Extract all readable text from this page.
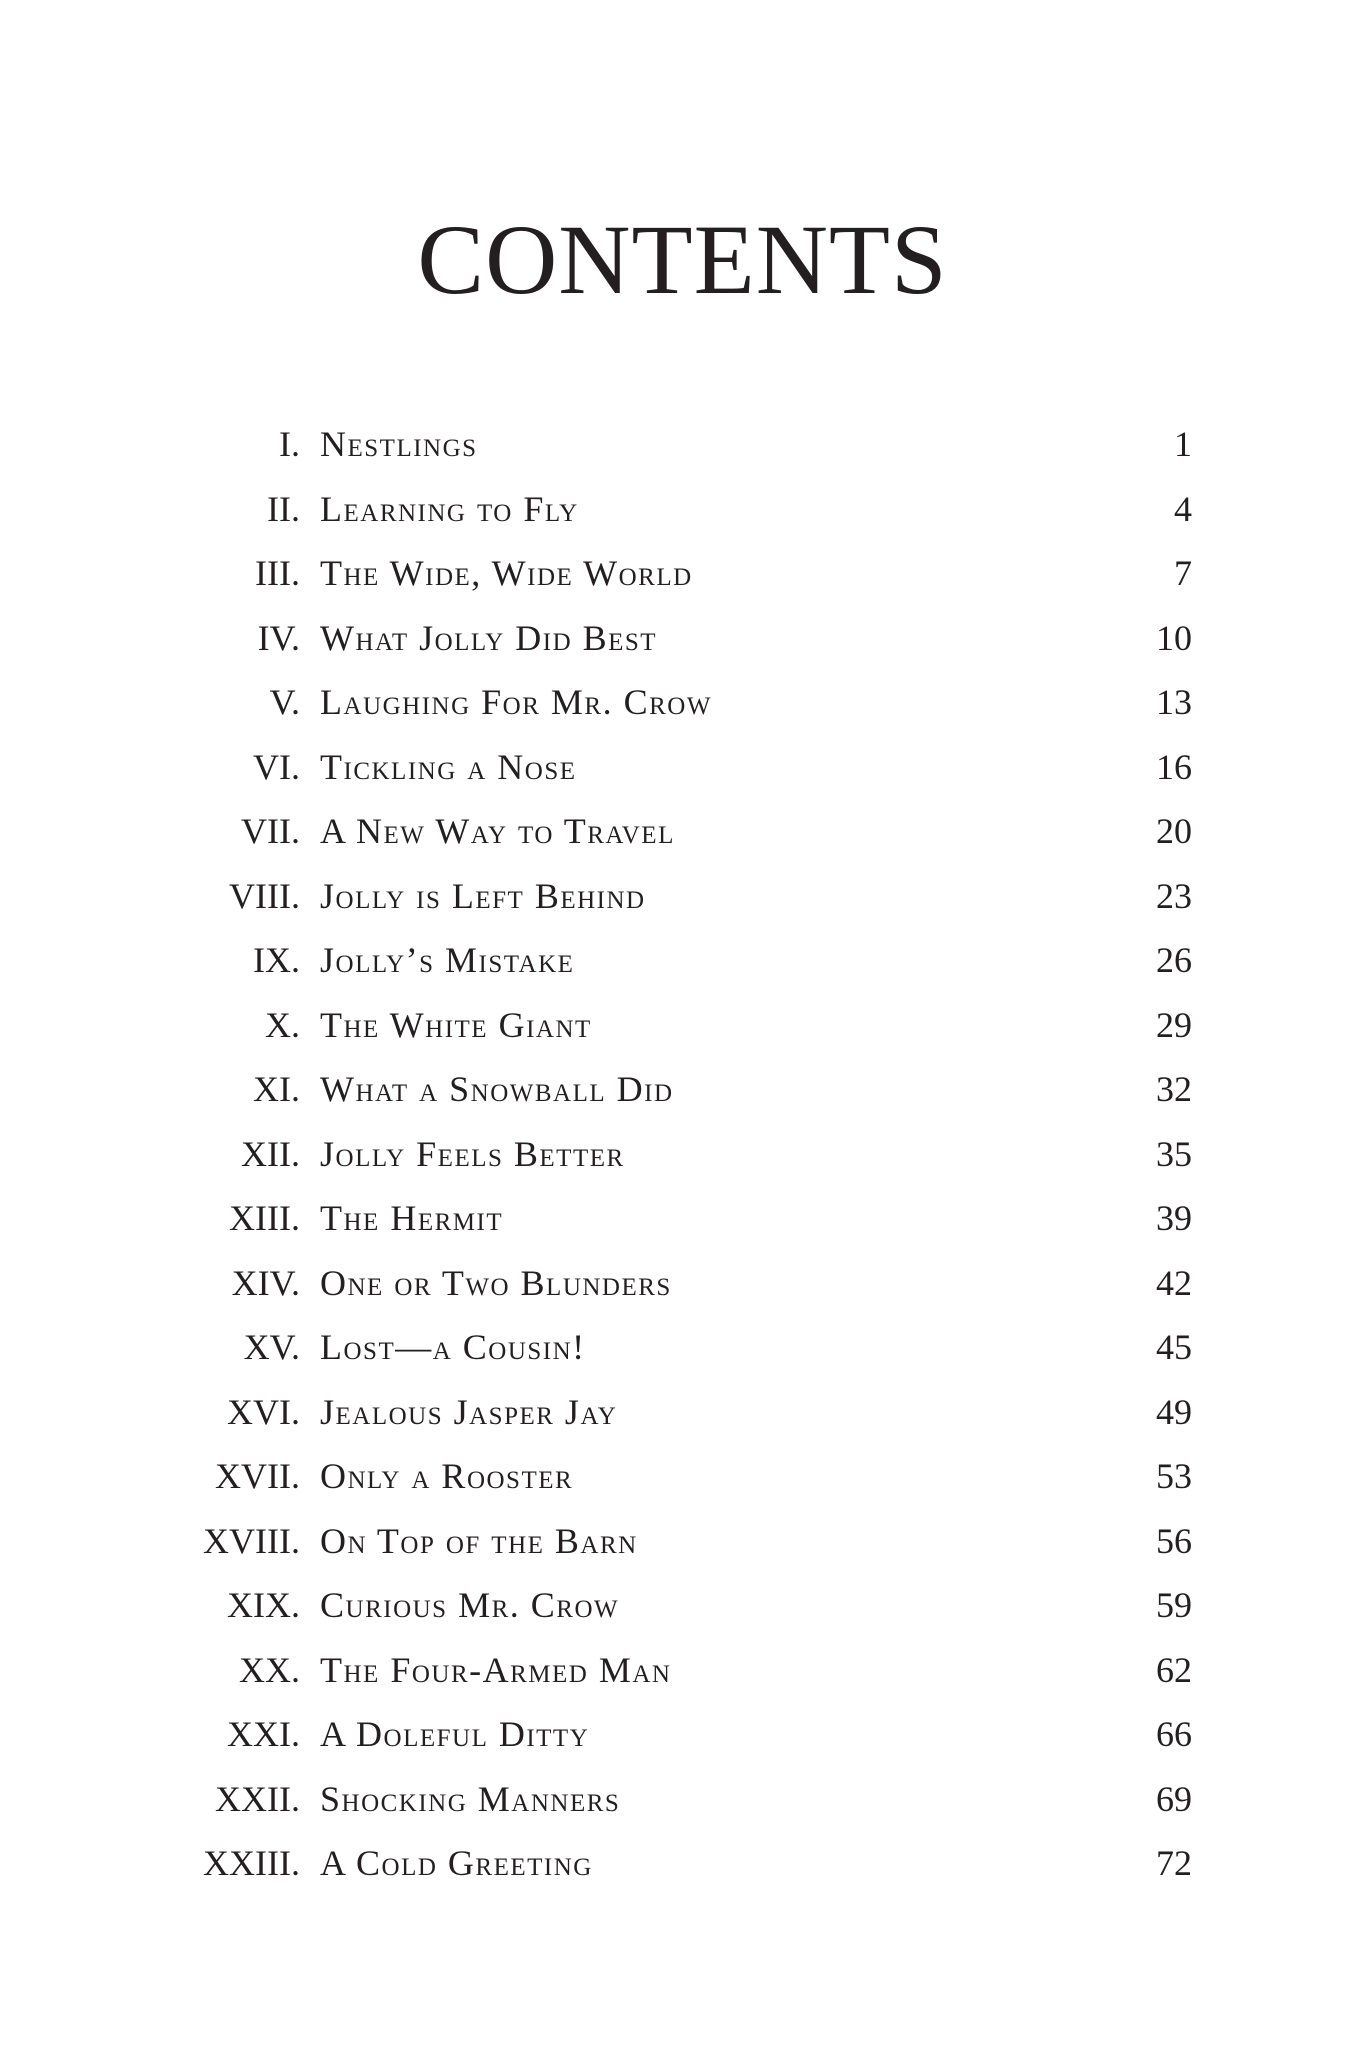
CONTENTS
I. Nestlings	1
II. Learning to Fly	4
III. The Wide, Wide World	7
IV. What Jolly Did Best	10
V. Laughing For Mr. Crow	13
VI. Tickling a Nose	16
VII. A New Way to Travel	20
VIII. Jolly is Left Behind	23
IX. Jolly’s Mistake	26
X. The White Giant	29
XI. What a Snowball Did	32
XII. Jolly Feels Better	35
XIII. The Hermit	39
XIV. One or Two Blunders	42
XV. Lost—a Cousin!	45
XVI. Jealous Jasper Jay	49
XVII. Only a Rooster	53
XVIII. On Top of the Barn	56
XIX. Curious Mr. Crow	59
XX. The Four-Armed Man	62
XXI. A Doleful Ditty	66
XXII. Shocking Manners	69
XXIII. A Cold Greeting	72
